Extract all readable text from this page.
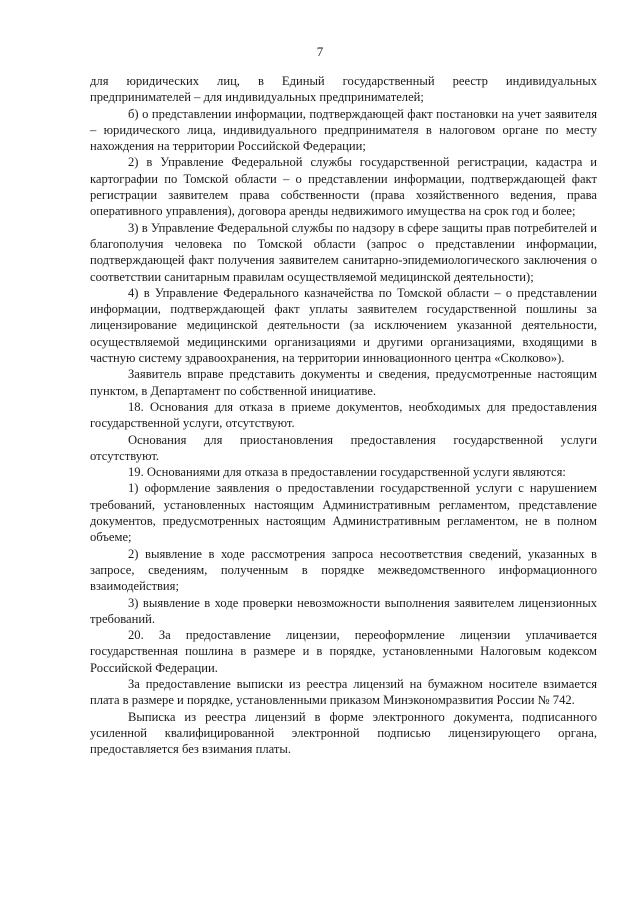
7

для юридических лиц, в Единый государственный реестр индивидуальных предпринимателей – для индивидуальных предпринимателей;

б) о представлении информации, подтверждающей факт постановки на учет заявителя – юридического лица, индивидуального предпринимателя в налоговом органе по месту нахождения на территории Российской Федерации;

2) в Управление Федеральной службы государственной регистрации, кадастра и картографии по Томской области – о представлении информации, подтверждающей факт регистрации заявителем права собственности (права хозяйственного ведения, права оперативного управления), договора аренды недвижимого имущества на срок год и более;

3) в Управление Федеральной службы по надзору в сфере защиты прав потребителей и благополучия человека по Томской области (запрос о представлении информации, подтверждающей факт получения заявителем санитарно-эпидемиологического заключения о соответствии санитарным правилам осуществляемой медицинской деятельности);

4) в Управление Федерального казначейства по Томской области – о представлении информации, подтверждающей факт уплаты заявителем государственной пошлины за лицензирование медицинской деятельности (за исключением указанной деятельности, осуществляемой медицинскими организациями и другими организациями, входящими в частную систему здравоохранения, на территории инновационного центра «Сколково»).

Заявитель вправе представить документы и сведения, предусмотренные настоящим пунктом, в Департамент по собственной инициативе.

18. Основания для отказа в приеме документов, необходимых для предоставления государственной услуги, отсутствуют.

Основания для приостановления предоставления государственной услуги отсутствуют.

19. Основаниями для отказа в предоставлении государственной услуги являются:

1) оформление заявления о предоставлении государственной услуги с нарушением требований, установленных настоящим Административным регламентом, представление документов, предусмотренных настоящим Административным регламентом, не в полном объеме;

2) выявление в ходе рассмотрения запроса несоответствия сведений, указанных в запросе, сведениям, полученным в порядке межведомственного информационного взаимодействия;

3) выявление в ходе проверки невозможности выполнения заявителем лицензионных требований.

20. За предоставление лицензии, переоформление лицензии уплачивается государственная пошлина в размере и в порядке, установленными Налоговым кодексом Российской Федерации.

За предоставление выписки из реестра лицензий на бумажном носителе взимается плата в размере и порядке, установленными приказом Минэкономразвития России № 742.

Выписка из реестра лицензий в форме электронного документа, подписанного усиленной квалифицированной электронной подписью лицензирующего органа, предоставляется без взимания платы.
